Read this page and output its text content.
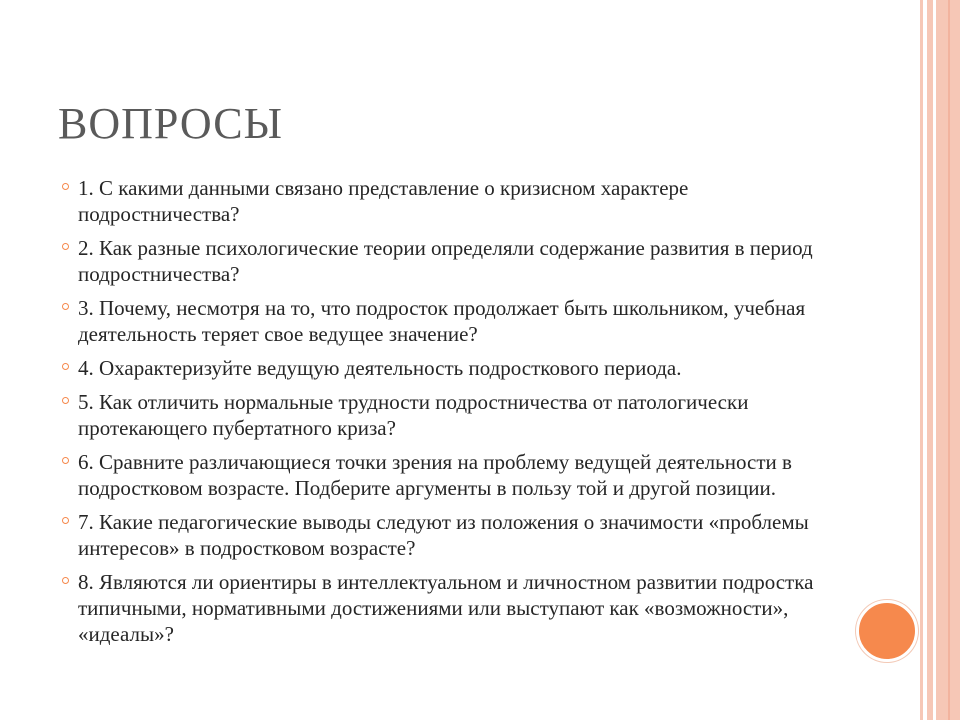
ВОПРОСЫ
1. С какими данными связано представление о кризисном характере подростничества?
2. Как разные психологические теории определяли содержание развития в период подростничества?
3. Почему, несмотря на то, что подросток продолжает быть школьником, учебная деятельность теряет свое ведущее значение?
4. Охарактеризуйте ведущую деятельность подросткового периода.
5. Как отличить нормальные трудности подростничества от патологически протекающего пубертатного криза?
6. Сравните различающиеся точки зрения на проблему ведущей деятельности в подростковом возрасте. Подберите аргументы в пользу той и другой позиции.
7. Какие педагогические выводы следуют из положения о значимости «проблемы интересов» в подростковом возрасте?
8. Являются ли ориентиры в интеллектуальном и личностном развитии подростка типичными, нормативными достижениями или выступают как «возможности», «идеалы»?
